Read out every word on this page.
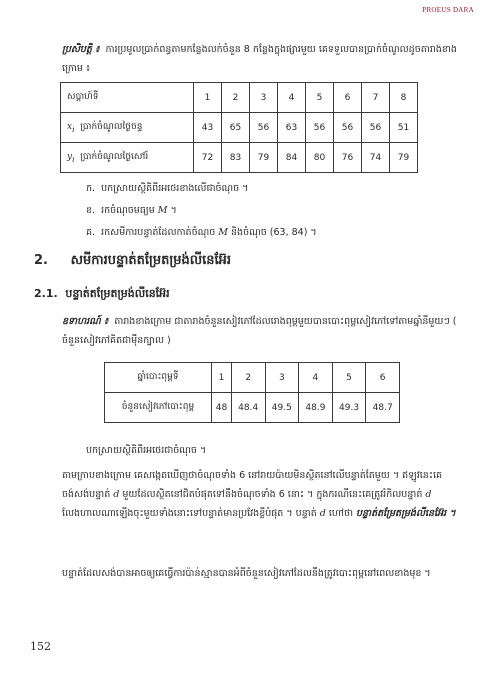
PROEUS DARA
ប្រសិបត្តិ ៖ ការប្រមូលប្រាក់ពន្ធតាមកន្លែងលក់ចំនួន 8 កន្លែងក្នុងផ្សារមួយ គេទទួលបានប្រាក់ចំណូលដូចតារាងខាងក្រោម ៖
សប្តាហ៍ទី	1	2	3	4	5	6	7	8
$x_i$ ប្រាក់ចំណូលថ្ងៃចន្ទ	43	65	56	63	56	56	56	51
$y_i$ ប្រាក់ចំណូលថ្ងៃសៅរ៍	72	83	79	84	80	76	74	79
ក. បកស្រាយស្ថិតិពីរអថេរខាងលើជាចំណុច ។
ខ. រកចំណុចមធ្យម M ។
គ. រកសមីការបន្ទាត់ដែលកាត់ចំណុច M និងចំណុច (63, 84) ។
2. សមីការបន្ទាត់តម្រែតម្រង់លីនេអ៊ែរ
2.1. បន្ទាត់តម្រែតម្រង់លីនេអ៊ែរ
ឧទាហរណ៍ ៖ តារាងខាងក្រោម ជាតារាងចំនួនសៀវភៅដែលរោងពុម្ពមួយបានបោះពុម្ពសៀវភៅទៅតាមឆ្នាំនីមួយៗ ( ចំនួនសៀវភៅគិតជាម៉ឺនក្បាល )
ឆ្នាំបោះពុម្ពទី	1	2	3	4	5	6
ចំនួនសៀវភៅបោះពុម្ព	48	48.4	49.5	48.9	49.3	48.7
បកស្រាយស្ថិតិពីរអថេរជាចំណុច ។
តាមក្រាបខាងក្រោម គេសង្កេតឃើញថាចំណុចទាំង 6 នៅរាយប៉ាយមិនស្ថិតនៅលើបន្ទាត់តែមួយ ។ ឥឡូវនេះគេចង់សង់បន្ទាត់ d មួយដែលស្ថិតនៅជិតបំផុតទៅនឹងចំណុចទាំង 6 នោះ ។ ក្នុងករណីនេះគេត្រូវរំកិលបន្ទាត់ d លែងហាលណាឡើងចុះមួយទាំងនោះទៅបន្ទាត់មានប្រវែងខ្លីបំផុត ។ បន្ទាត់ d ហៅថា បន្ទាត់តម្រែតម្រង់លីនេអ៊ែរ ។
បន្ទាត់ដែលសង់បានអាចឲ្យគេធ្វើការប៉ាន់ស្មានបានអំពីចំនួនសៀវភៅដែលនឹងត្រូវបោះពុម្ពនៅពេលខាងមុខ ។
152
